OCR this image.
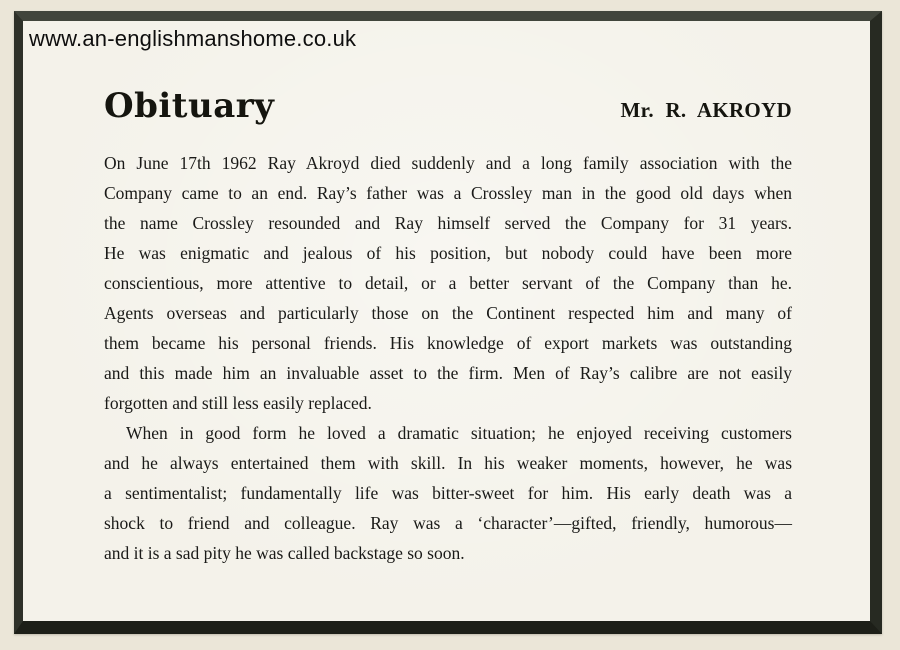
www.an-englishmanshome.co.uk
Obituary	Mr. R. AKROYD
On June 17th 1962 Ray Akroyd died suddenly and a long family association with the
Company came to an end. Ray’s father was a Crossley man in the good old days when
the name Crossley resounded and Ray himself served the Company for 31 years.
He was enigmatic and jealous of his position, but nobody could have been more
conscientious, more attentive to detail, or a better servant of the Company than he.
Agents overseas and particularly those on the Continent respected him and many of
them became his personal friends. His knowledge of export markets was outstanding
and this made him an invaluable asset to the firm. Men of Ray’s calibre are not easily
forgotten and still less easily replaced.
When in good form he loved a dramatic situation; he enjoyed receiving customers
and he always entertained them with skill. In his weaker moments, however, he was
a sentimentalist; fundamentally life was bitter-sweet for him. His early death was a
shock to friend and colleague. Ray was a ‘character’—gifted, friendly, humorous—
and it is a sad pity he was called backstage so soon.
